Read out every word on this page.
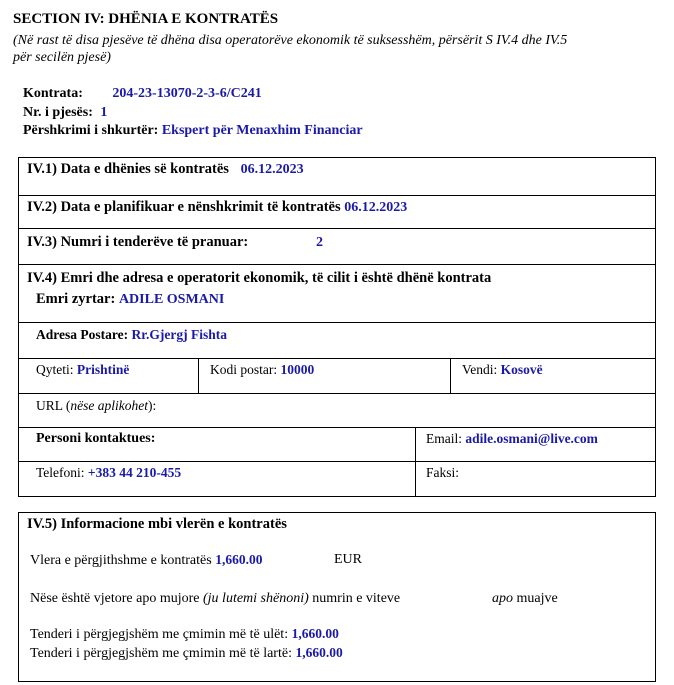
SECTION IV: DHËNIA E KONTRATËS
(Në rast të disa pjesëve të dhëna disa operatorëve ekonomik të suksesshëm, përsërit S IV.4 dhe IV.5
për secilën pjesë)
Kontrata: 204-23-13070-2-3-6/C241
Nr. i pjesës: 1
Përshkrimi i shkurtër: Ekspert për Menaxhim Financiar
IV.1) Data e dhënies së kontratës 06.12.2023
IV.2) Data e planifikuar e nënshkrimit të kontratës 06.12.2023
IV.3) Numri i tenderëve të pranuar:	2
IV.4) Emri dhe adresa e operatorit ekonomik, të cilit i është dhënë kontrata
Emri zyrtar: ADILE OSMANI
Adresa Postare: Rr.Gjergj Fishta
Qyteti: Prishtinë	Kodi postar: 10000	Vendi: Kosovë
URL (nëse aplikohet):
Personi kontaktues:	Email: adile.osmani@live.com
Telefoni: +383 44 210-455	Faksi:
IV.5) Informacione mbi vlerën e kontratës
Vlera e përgjithshme e kontratës 1,660.00	EUR
Nëse është vjetore apo mujore (ju lutemi shënoni) numrin e viteve	apo muajve
Tenderi i përgjegjshëm me çmimin më të ulët: 1,660.00
Tenderi i përgjegjshëm me çmimin më të lartë: 1,660.00
